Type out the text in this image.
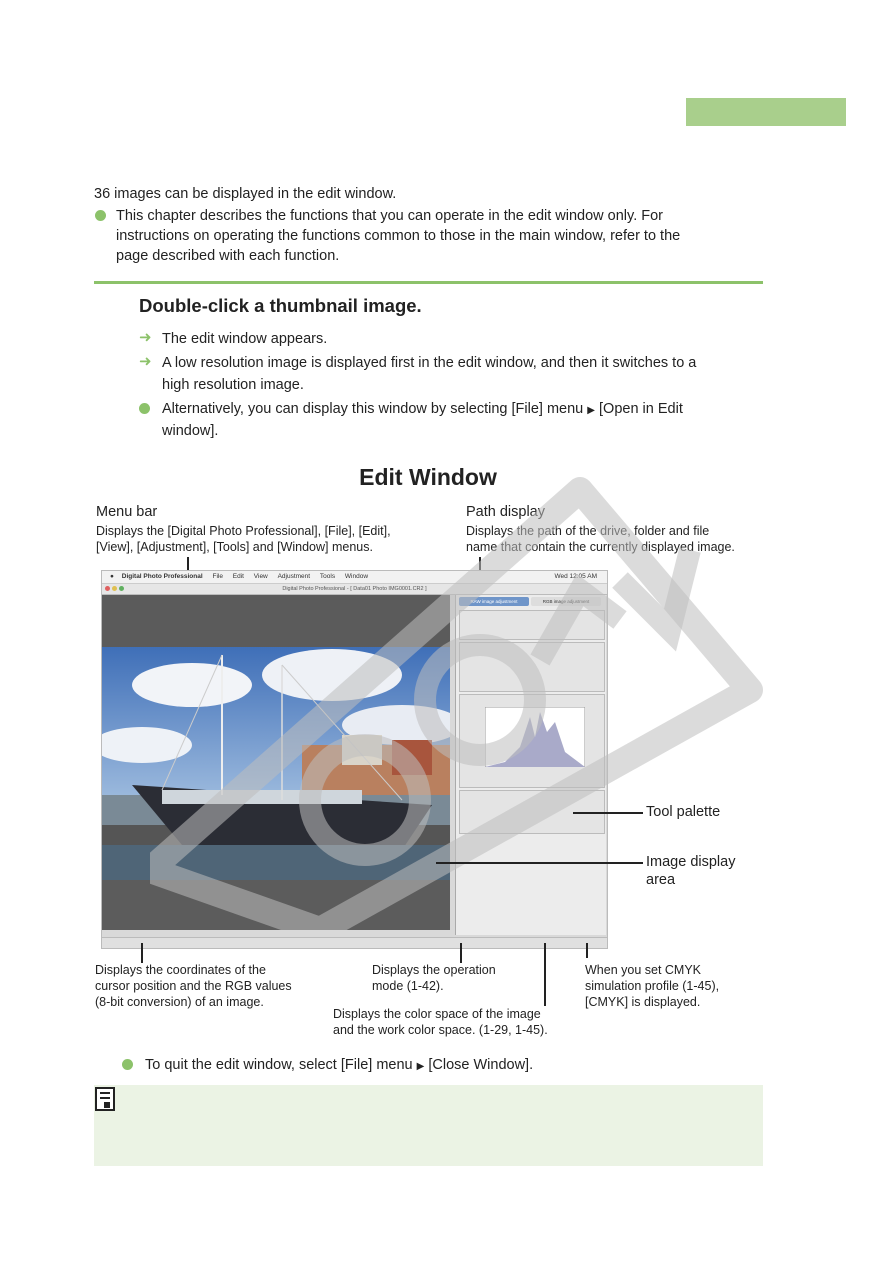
36 images can be displayed in the edit window.
This chapter describes the functions that you can operate in the edit window only. For
instructions on operating the functions common to those in the main window, refer to the
page described with each function.
Double-click a thumbnail image.
➜ The edit window appears.
➜ A low resolution image is displayed first in the edit window, and then it switches to a
high resolution image.
Alternatively, you can display this window by selecting [File] menu ▶ [Open in Edit
window].
Edit Window
Menu bar
Displays the [Digital Photo Professional], [File], [Edit],
[View], [Adjustment], [Tools] and [Window] menus.
Path display
Displays the path of the drive, folder and file
name that contain the currently displayed image.
● Digital Photo Professional File Edit View Adjustment Tools Window	Wed 12:05 AM
Digital Photo Professional - [ Data01 Photo IMG0001.CR2 ]
RAW image adjustment	RGB image adjustment
Tool palette
Image display
area
Displays the coordinates of the
cursor position and the RGB values
(8-bit conversion) of an image.
Displays the operation
mode (1-42).
Displays the color space of the image
and the work color space. (1-29, 1-45).
When you set CMYK
simulation profile (1-45),
[CMYK] is displayed.
To quit the edit window, select [File] menu ▶ [Close Window].
